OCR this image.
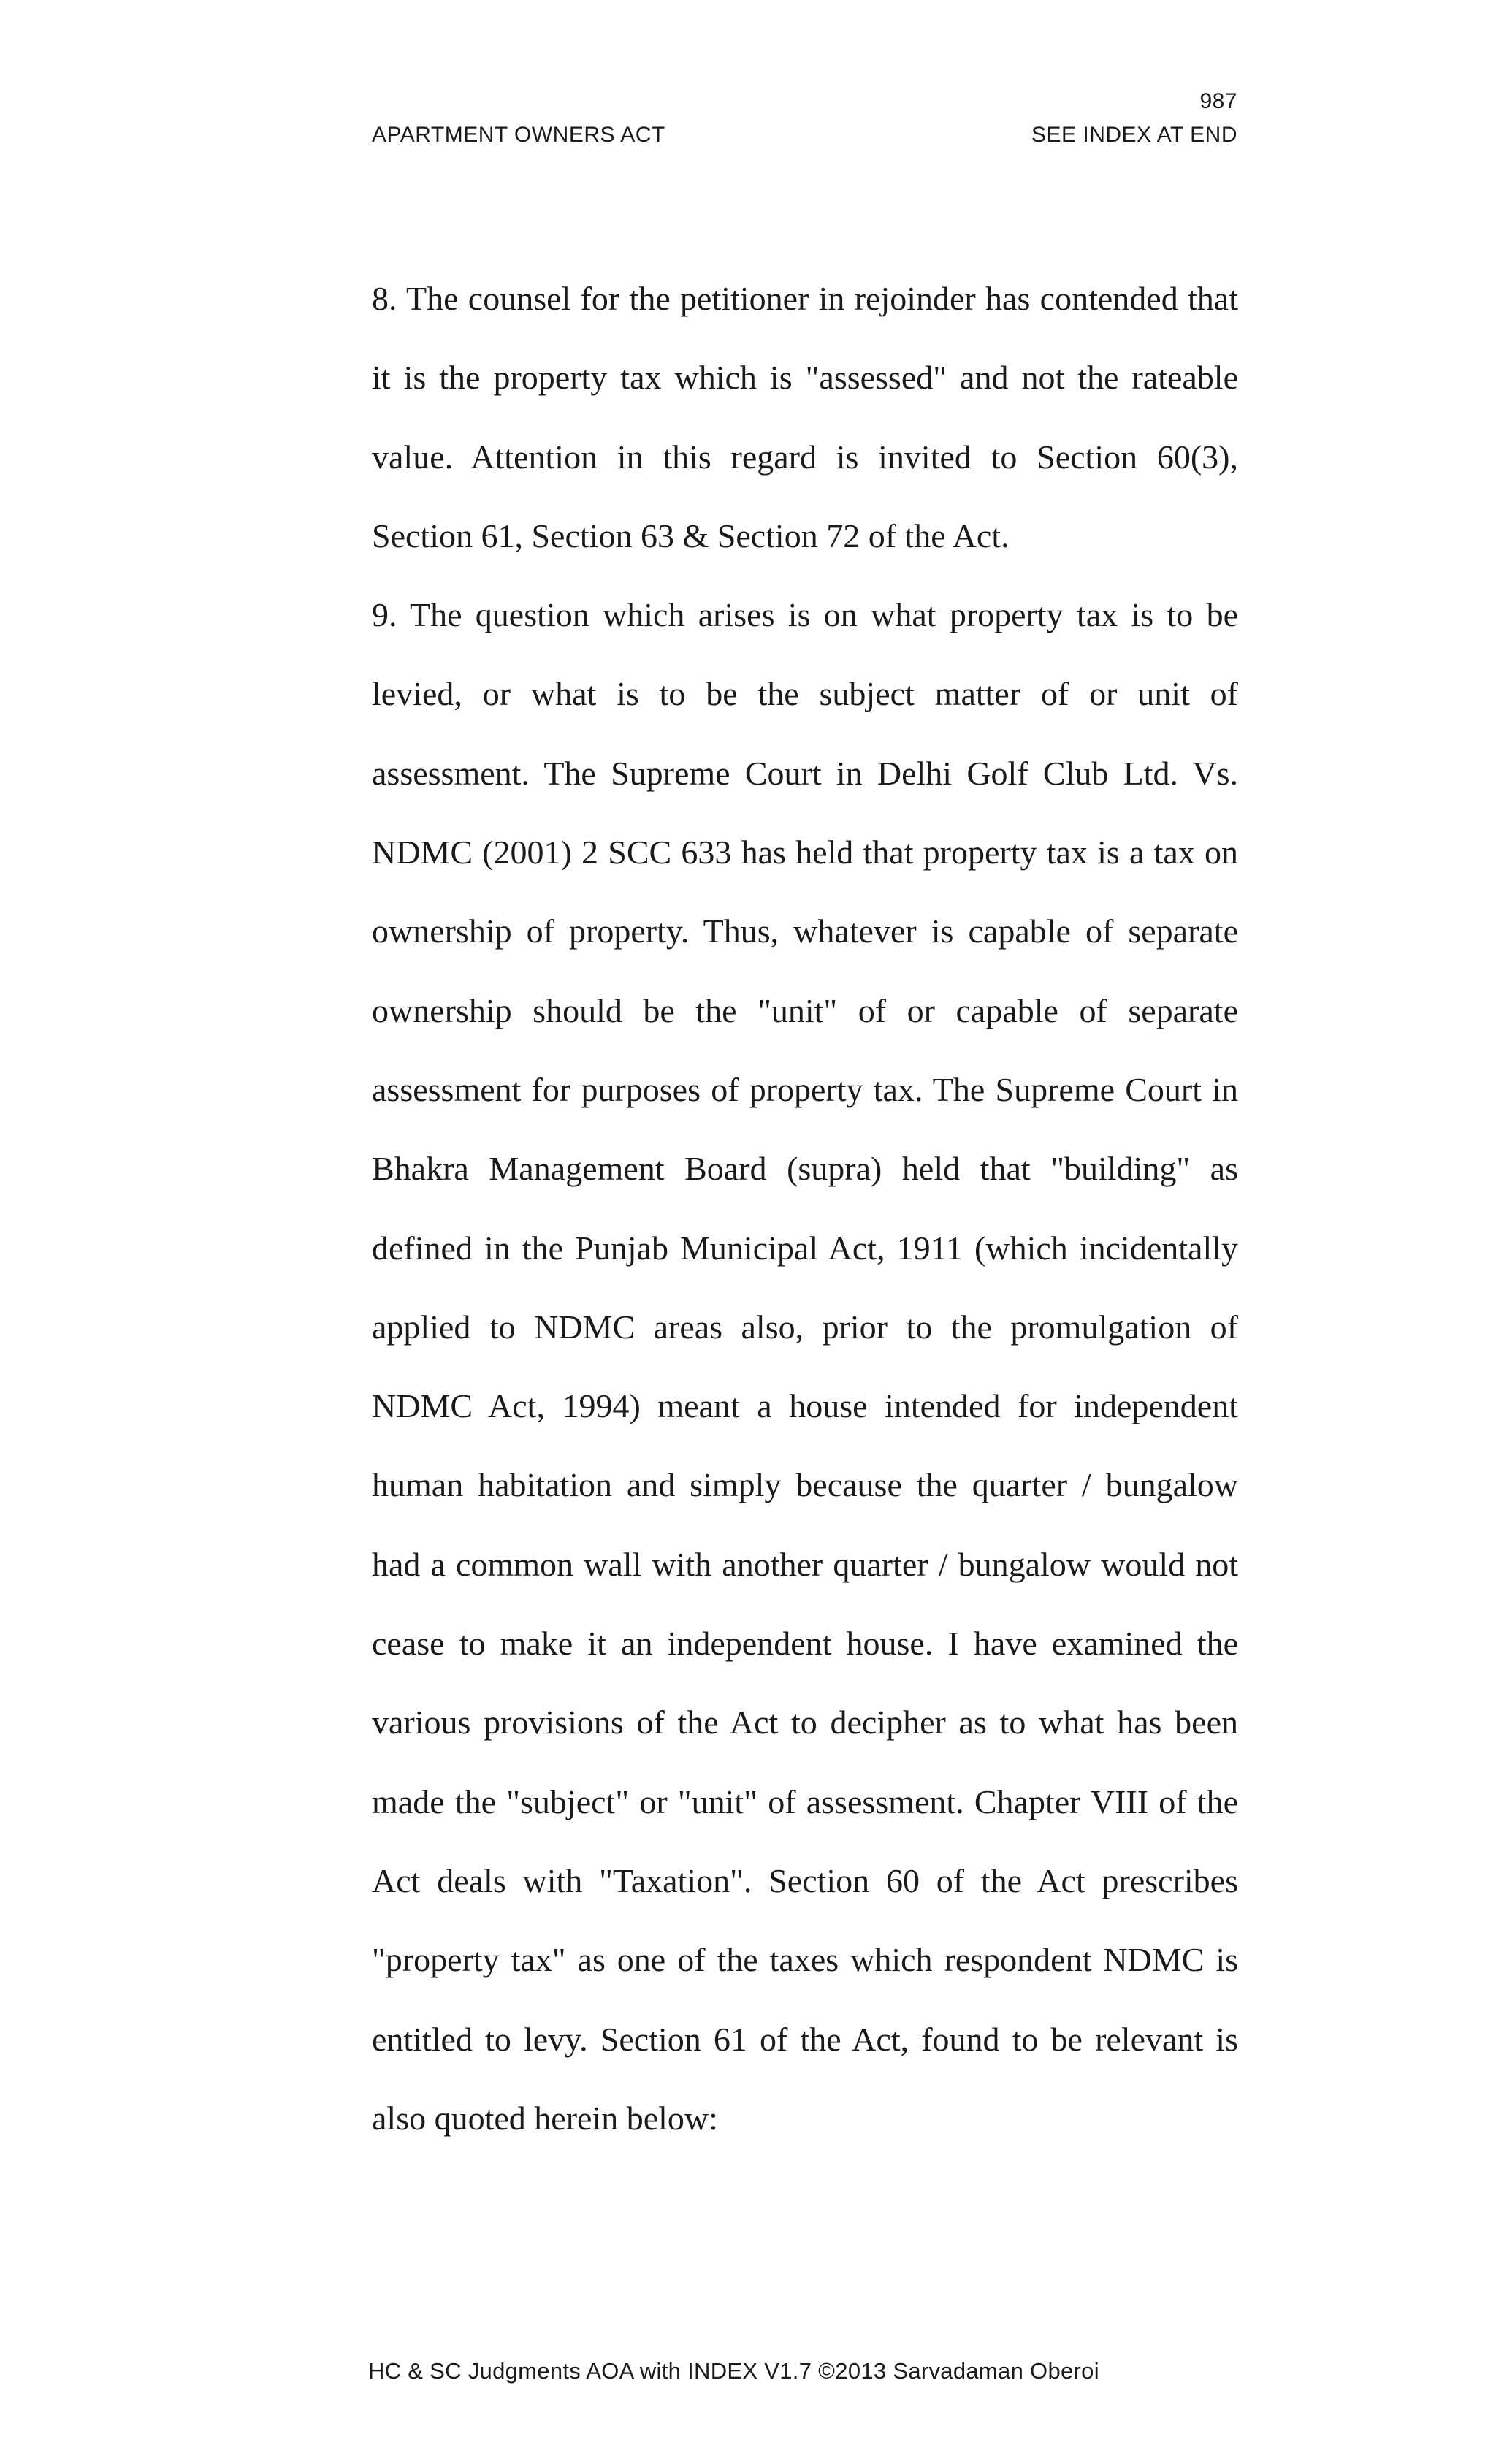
987
APARTMENT OWNERS ACT	SEE INDEX AT END

8. The counsel for the petitioner in rejoinder has contended that it is the property tax which is "assessed" and not the rateable value. Attention in this regard is invited to Section 60(3), Section 61, Section 63 & Section 72 of the Act.

9. The question which arises is on what property tax is to be levied, or what is to be the subject matter of or unit of assessment. The Supreme Court in Delhi Golf Club Ltd. Vs. NDMC (2001) 2 SCC 633 has held that property tax is a tax on ownership of property. Thus, whatever is capable of separate ownership should be the "unit" of or capable of separate assessment for purposes of property tax. The Supreme Court in Bhakra Management Board (supra) held that "building" as defined in the Punjab Municipal Act, 1911 (which incidentally applied to NDMC areas also, prior to the promulgation of NDMC Act, 1994) meant a house intended for independent human habitation and simply because the quarter / bungalow had a common wall with another quarter / bungalow would not cease to make it an independent house. I have examined the various provisions of the Act to decipher as to what has been made the "subject" or "unit" of assessment. Chapter VIII of the Act deals with "Taxation". Section 60 of the Act prescribes "property tax" as one of the taxes which respondent NDMC is entitled to levy. Section 61 of the Act, found to be relevant is also quoted herein below:

HC & SC Judgments AOA with INDEX V1.7 ©2013 Sarvadaman Oberoi
